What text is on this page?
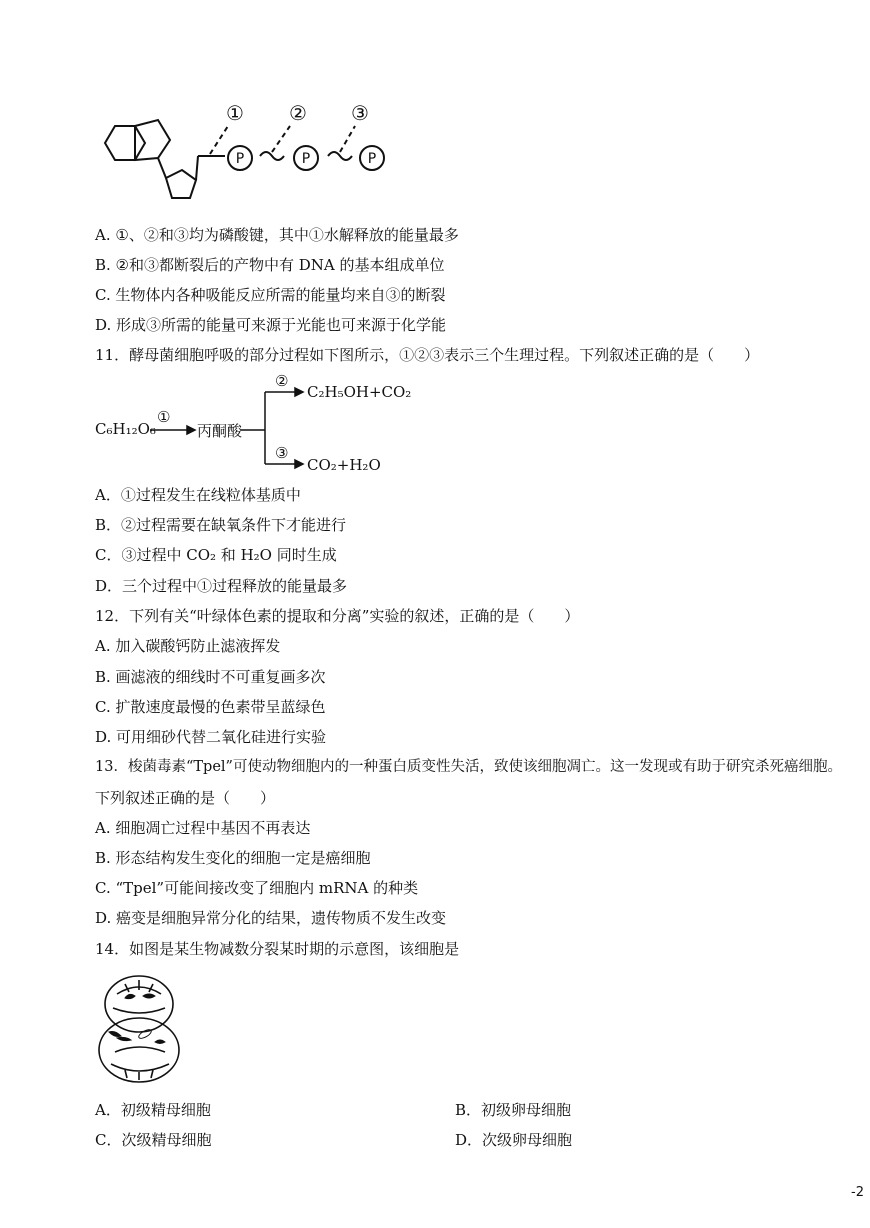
P	P	P
① ② ③
A. ①、②和③均为磷酸键，其中①水解释放的能量最多
B. ②和③都断裂后的产物中有 DNA 的基本组成单位
C. 生物体内各种吸能反应所需的能量均来自③的断裂
D. 形成③所需的能量可来源于光能也可来源于化学能
11．酵母菌细胞呼吸的部分过程如下图所示，①②③表示三个生理过程。下列叙述正确的是（　　）
C₆H₁₂O₆
①
丙酮酸
②
C₂H₅OH+CO₂
③
CO₂+H₂O
A．①过程发生在线粒体基质中
B．②过程需要在缺氧条件下才能进行
C．③过程中 CO₂ 和 H₂O 同时生成
D．三个过程中①过程释放的能量最多
12．下列有关“叶绿体色素的提取和分离”实验的叙述，正确的是（　　）
A. 加入碳酸钙防止滤液挥发
B. 画滤液的细线时不可重复画多次
C. 扩散速度最慢的色素带呈蓝绿色
D. 可用细砂代替二氧化硅进行实验
13．梭菌毒素“Tpel”可使动物细胞内的一种蛋白质变性失活，致使该细胞凋亡。这一发现或有助于研究杀死癌细胞。
下列叙述正确的是（　　）
A. 细胞凋亡过程中基因不再表达
B. 形态结构发生变化的细胞一定是癌细胞
C. “Tpel”可能间接改变了细胞内 mRNA 的种类
D. 癌变是细胞异常分化的结果，遗传物质不发生改变
14．如图是某生物减数分裂某时期的示意图，该细胞是
A．初级精母细胞	B．初级卵母细胞
C．次级精母细胞	D．次级卵母细胞
-2
